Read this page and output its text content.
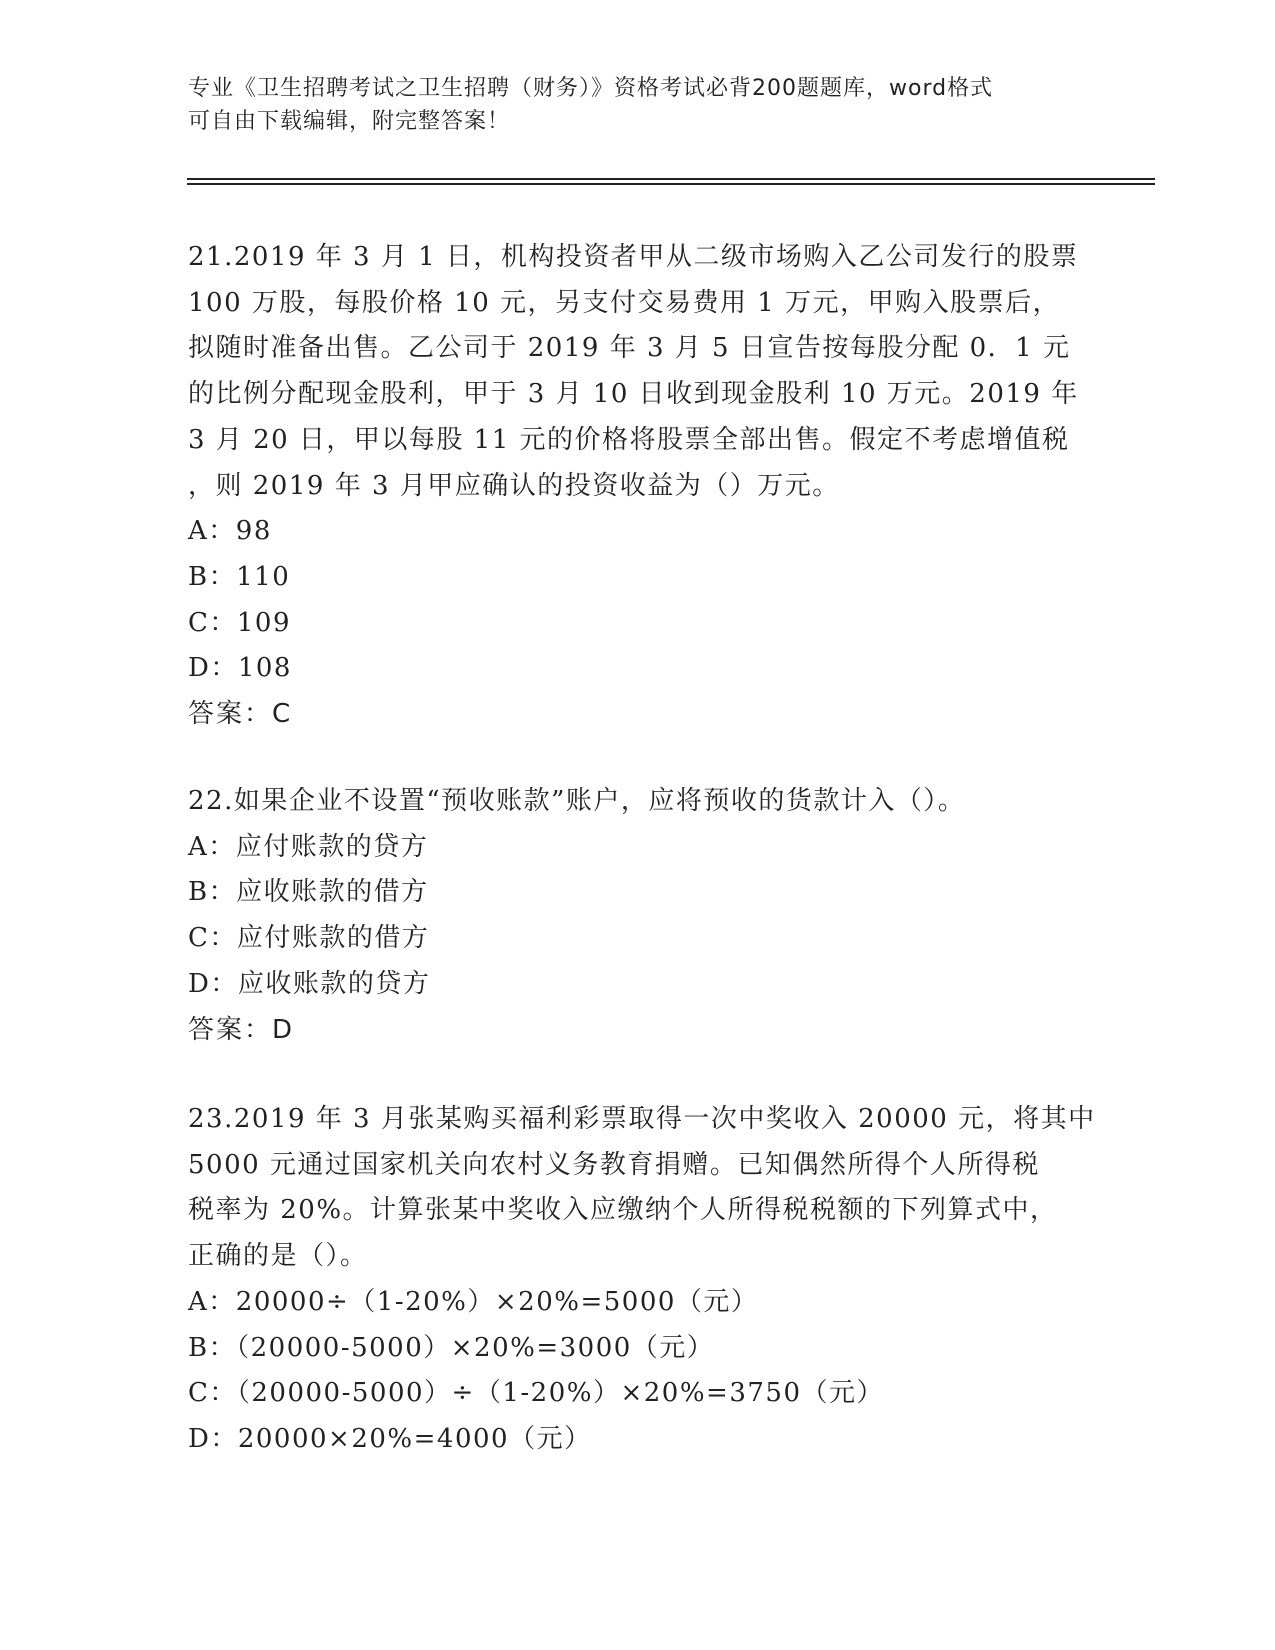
专业《卫生招聘考试之卫生招聘（财务）》资格考试必背200题题库，word格式
可自由下载编辑，附完整答案！
21.2019 年 3 月 1 日，机构投资者甲从二级市场购入乙公司发行的股票
100 万股，每股价格 10 元，另支付交易费用 1 万元，甲购入股票后，
拟随时准备出售。乙公司于 2019 年 3 月 5 日宣告按每股分配 0．1 元
的比例分配现金股利，甲于 3 月 10 日收到现金股利 10 万元。2019 年
3 月 20 日，甲以每股 11 元的价格将股票全部出售。假定不考虑增值税
，则 2019 年 3 月甲应确认的投资收益为（）万元。
A：98
B：110
C：109
D：108
答案：C
22.如果企业不设置“预收账款”账户，应将预收的货款计入（）。
A：应付账款的贷方
B：应收账款的借方
C：应付账款的借方
D：应收账款的贷方
答案：D
23.2019 年 3 月张某购买福利彩票取得一次中奖收入 20000 元，将其中
5000 元通过国家机关向农村义务教育捐赠。已知偶然所得个人所得税
税率为 20%。计算张某中奖收入应缴纳个人所得税税额的下列算式中，
正确的是（）。
A：20000÷（1-20%）×20%=5000（元）
B：（20000-5000）×20%=3000（元）
C：（20000-5000）÷（1-20%）×20%=3750（元）
D：20000×20%=4000（元）
